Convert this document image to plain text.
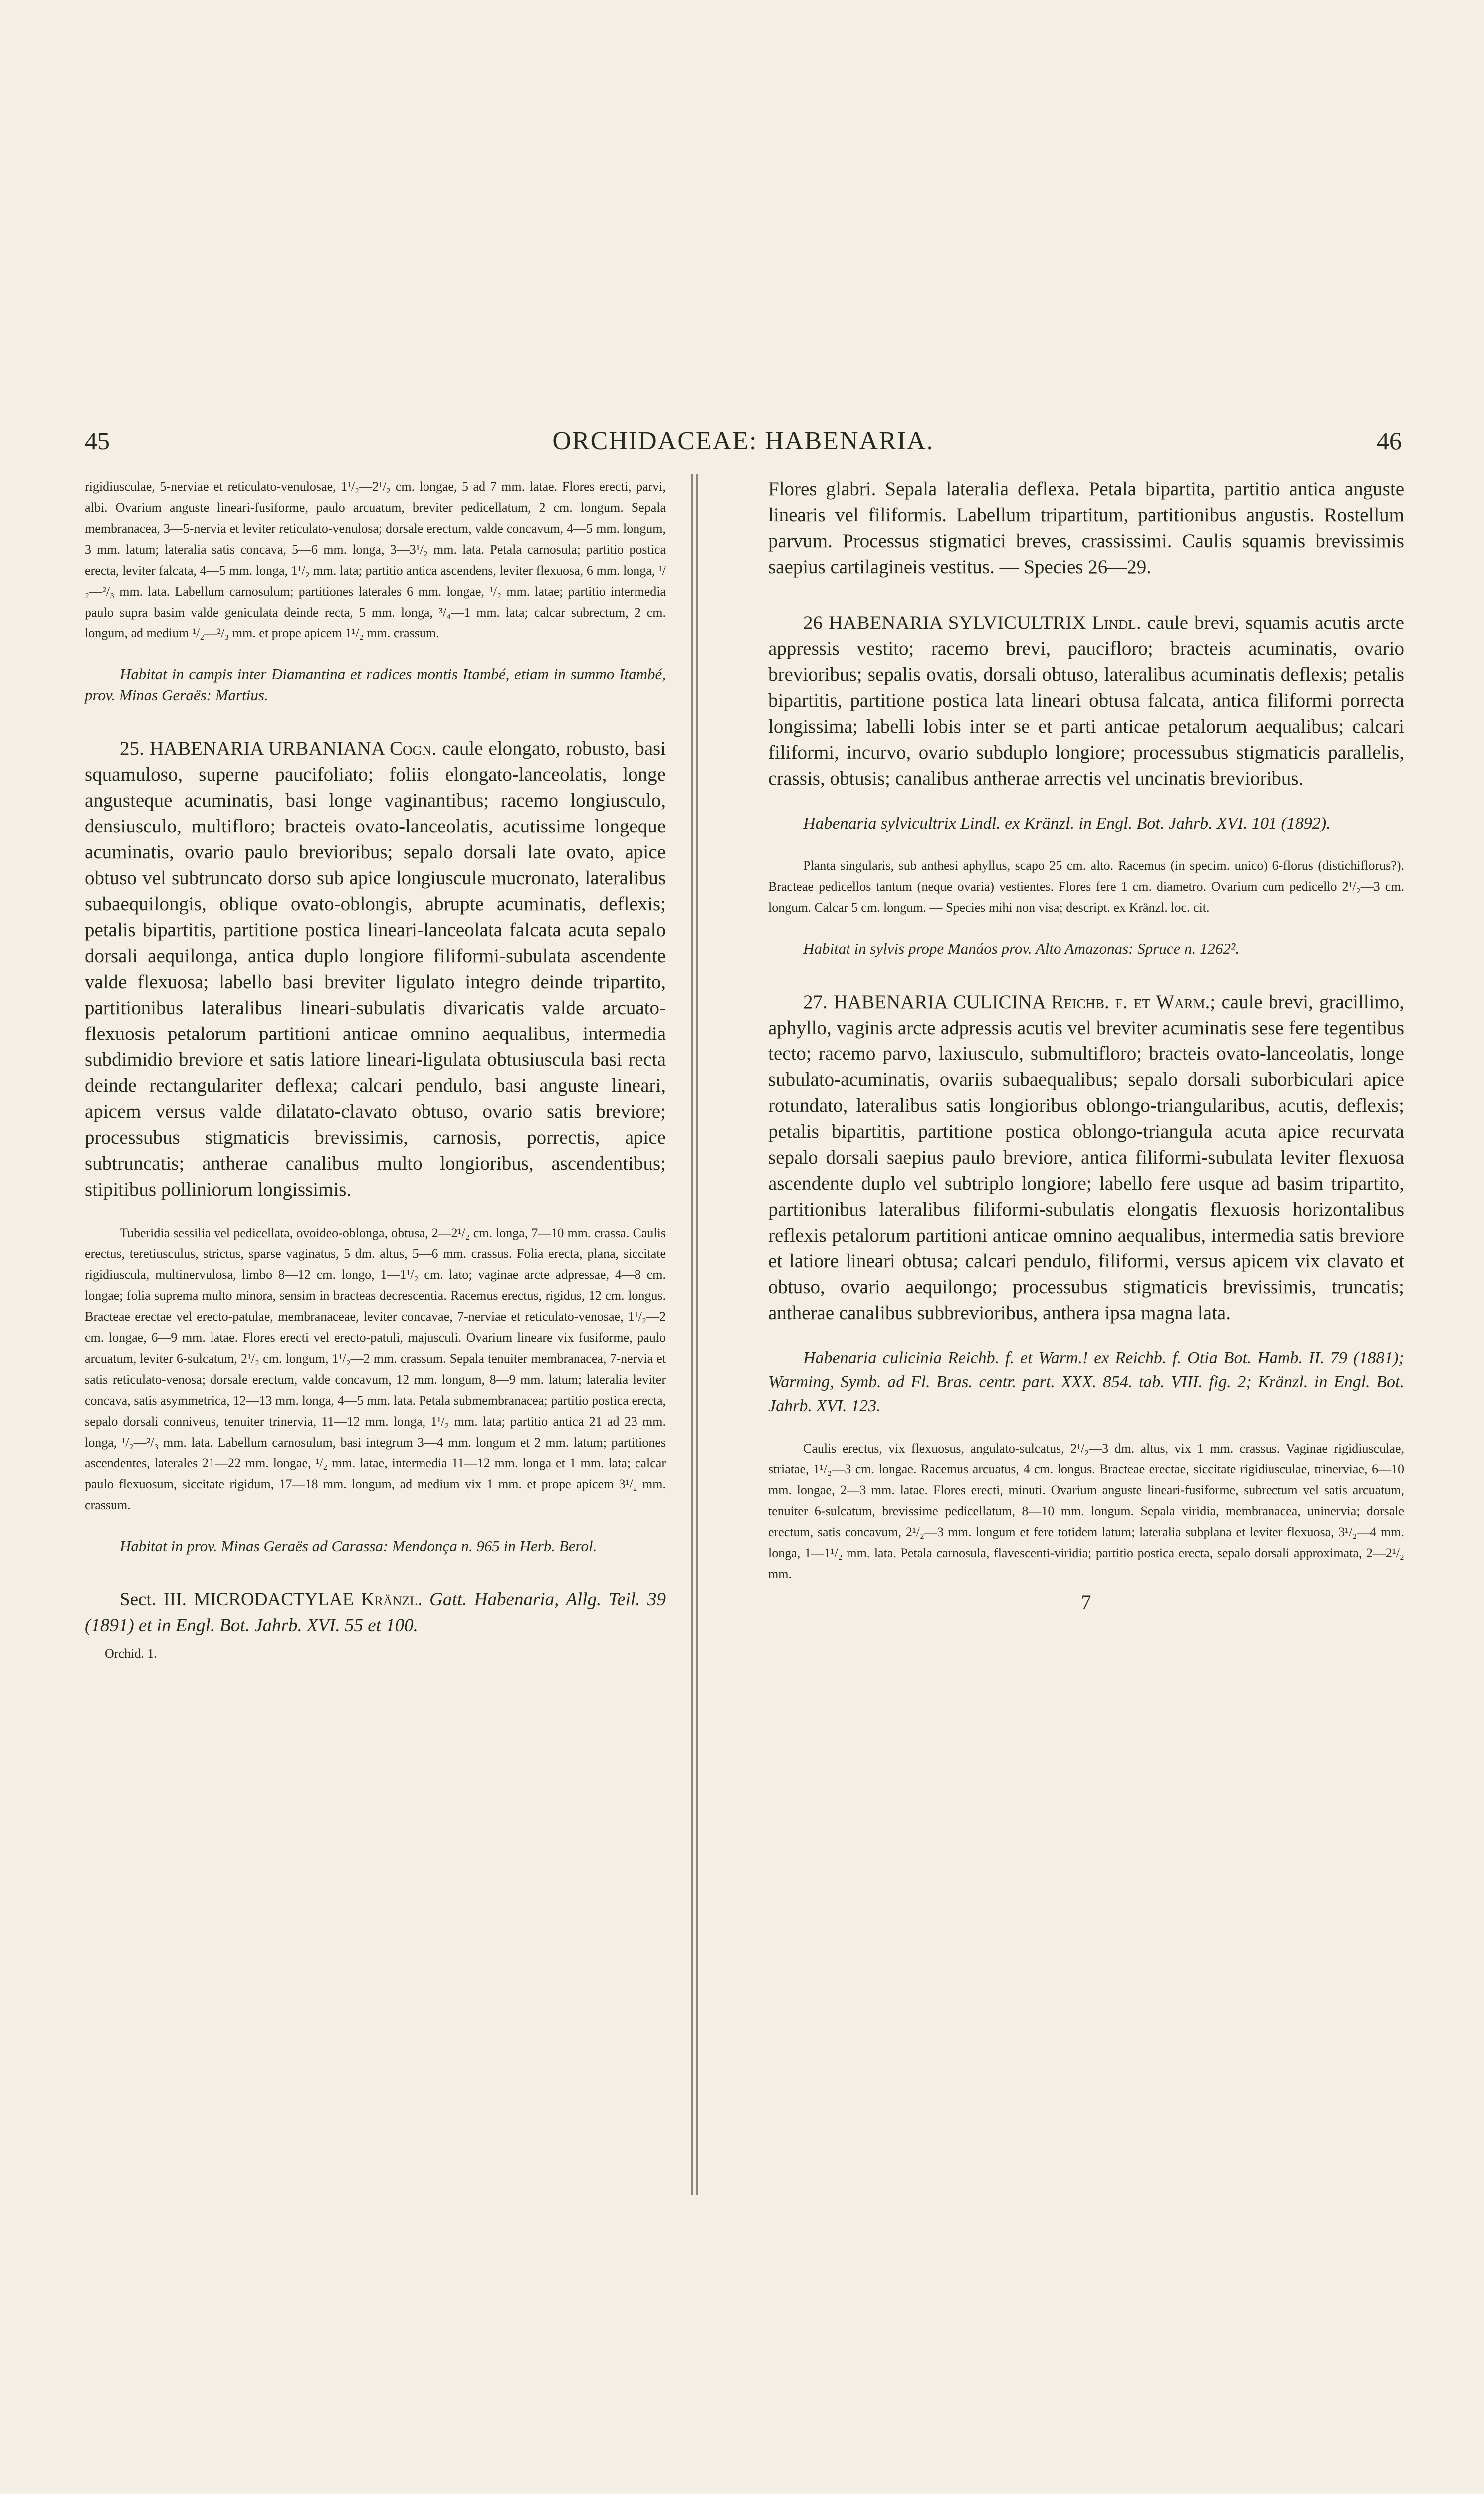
45	ORCHIDACEAE: HABENARIA.	46

rigidiusculae, 5-nerviae et reticulato-venulosae, 1¹/₂—2¹/₂ cm. longae, 5 ad 7 mm. latae. Flores erecti, parvi, albi. Ovarium anguste lineari-fusiforme, paulo arcuatum, breviter pedicellatum, 2 cm. longum. Sepala membranacea, 3—5-nervia et leviter reticulato-venulosa; dorsale erectum, valde concavum, 4—5 mm. longum, 3 mm. latum; lateralia satis concava, 5—6 mm. longa, 3—3¹/₂ mm. lata. Petala carnosula; partitio postica erecta, leviter falcata, 4—5 mm. longa, 1¹/₂ mm. lata; partitio antica ascendens, leviter flexuosa, 6 mm. longa, ¹/₂—²/₃ mm. lata. Labellum carnosulum; partitiones laterales 6 mm. longae, ¹/₂ mm. latae; partitio intermedia paulo supra basim valde geniculata deinde recta, 5 mm. longa, ³/₄—1 mm. lata; calcar subrectum, 2 cm. longum, ad medium ¹/₂—²/₃ mm. et prope apicem 1¹/₂ mm. crassum.

Habitat in campis inter Diamantina et radices montis Itambé, etiam in summo Itambé, prov. Minas Geraës: Martius.

25. HABENARIA URBANIANA Cogn. caule elongato, robusto, basi squamuloso, superne paucifoliato; foliis elongato-lanceolatis, longe angusteque acuminatis, basi longe vaginantibus; racemo longiusculo, densiusculo, multifloro; bracteis ovato-lanceolatis, acutissime longeque acuminatis, ovario paulo brevioribus; sepalo dorsali late ovato, apice obtuso vel subtruncato dorso sub apice longiuscule mucronato, lateralibus subaequilongis, oblique ovato-oblongis, abrupte acuminatis, deflexis; petalis bipartitis, partitione postica lineari-lanceolata falcata acuta sepalo dorsali aequilonga, antica duplo longiore filiformi-subulata ascendente valde flexuosa; labello basi breviter ligulato integro deinde tripartito, partitionibus lateralibus lineari-subulatis divaricatis valde arcuato-flexuosis petalorum partitioni anticae omnino aequalibus, intermedia subdimidio breviore et satis latiore lineari-ligulata obtusiuscula basi recta deinde rectangulariter deflexa; calcari pendulo, basi anguste lineari, apicem versus valde dilatato-clavato obtuso, ovario satis breviore; processubus stigmaticis brevissimis, carnosis, porrectis, apice subtruncatis; antherae canalibus multo longioribus, ascendentibus; stipitibus polliniorum longissimis.

Tuberidia sessilia vel pedicellata, ovoideo-oblonga, obtusa, 2—2¹/₂ cm. longa, 7—10 mm. crassa. Caulis erectus, teretiusculus, strictus, sparse vaginatus, 5 dm. altus, 5—6 mm. crassus. Folia erecta, plana, siccitate rigidiuscula, multinervulosa, limbo 8—12 cm. longo, 1—1¹/₂ cm. lato; vaginae arcte adpressae, 4—8 cm. longae; folia suprema multo minora, sensim in bracteas decrescentia. Racemus erectus, rigidus, 12 cm. longus. Bracteae erectae vel erecto-patulae, membranaceae, leviter concavae, 7-nerviae et reticulato-venosae, 1¹/₂—2 cm. longae, 6—9 mm. latae. Flores erecti vel erecto-patuli, majusculi. Ovarium lineare vix fusiforme, paulo arcuatum, leviter 6-sulcatum, 2¹/₂ cm. longum, 1¹/₂—2 mm. crassum. Sepala tenuiter membranacea, 7-nervia et satis reticulato-venosa; dorsale erectum, valde concavum, 12 mm. longum, 8—9 mm. latum; lateralia leviter concava, satis asymmetrica, 12—13 mm. longa, 4—5 mm. lata. Petala submembranacea; partitio postica erecta, sepalo dorsali conniveus, tenuiter trinervia, 11—12 mm. longa, 1¹/₂ mm. lata; partitio antica 21 ad 23 mm. longa, ¹/₂—²/₃ mm. lata. Labellum carnosulum, basi integrum 3—4 mm. longum et 2 mm. latum; partitiones ascendentes, laterales 21—22 mm. longae, ¹/₂ mm. latae, intermedia 11—12 mm. longa et 1 mm. lata; calcar paulo flexuosum, siccitate rigidum, 17—18 mm. longum, ad medium vix 1 mm. et prope apicem 3¹/₂ mm. crassum.

Habitat in prov. Minas Geraës ad Carassa: Mendonça n. 965 in Herb. Berol.

Sect. III. MICRODACTYLAE Kränzl. Gatt. Habenaria, Allg. Teil. 39 (1891) et in Engl. Bot. Jahrb. XVI. 55 et 100.

Orchid. 1.

Flores glabri. Sepala lateralia deflexa. Petala bipartita, partitio antica anguste linearis vel filiformis. Labellum tripartitum, partitionibus angustis. Rostellum parvum. Processus stigmatici breves, crassissimi. Caulis squamis brevissimis saepius cartilagineis vestitus. — Species 26—29.

26 HABENARIA SYLVICULTRIX Lindl. caule brevi, squamis acutis arcte appressis vestito; racemo brevi, paucifloro; bracteis acuminatis, ovario brevioribus; sepalis ovatis, dorsali obtuso, lateralibus acuminatis deflexis; petalis bipartitis, partitione postica lata lineari obtusa falcata, antica filiformi porrecta longissima; labelli lobis inter se et parti anticae petalorum aequalibus; calcari filiformi, incurvo, ovario subduplo longiore; processubus stigmaticis parallelis, crassis, obtusis; canalibus antherae arrectis vel uncinatis brevioribus.

Habenaria sylvicultrix Lindl. ex Kränzl. in Engl. Bot. Jahrb. XVI. 101 (1892).

Planta singularis, sub anthesi aphyllus, scapo 25 cm. alto. Racemus (in specim. unico) 6-florus (distichiflorus?). Bracteae pedicellos tantum (neque ovaria) vestientes. Flores fere 1 cm. diametro. Ovarium cum pedicello 2¹/₂—3 cm. longum. Calcar 5 cm. longum. — Species mihi non visa; descript. ex Kränzl. loc. cit.

Habitat in sylvis prope Manáos prov. Alto Amazonas: Spruce n. 1262².

27. HABENARIA CULICINA Reichb. f. et Warm.; caule brevi, gracillimo, aphyllo, vaginis arcte adpressis acutis vel breviter acuminatis sese fere tegentibus tecto; racemo parvo, laxiusculo, submultifloro; bracteis ovato-lanceolatis, longe subulato-acuminatis, ovariis subaequalibus; sepalo dorsali suborbiculari apice rotundato, lateralibus satis longioribus oblongo-triangularibus, acutis, deflexis; petalis bipartitis, partitione postica oblongo-triangula acuta apice recurvata sepalo dorsali saepius paulo breviore, antica filiformi-subulata leviter flexuosa ascendente duplo vel subtriplo longiore; labello fere usque ad basim tripartito, partitionibus lateralibus filiformi-subulatis elongatis flexuosis horizontalibus reflexis petalorum partitioni anticae omnino aequalibus, intermedia satis breviore et latiore lineari obtusa; calcari pendulo, filiformi, versus apicem vix clavato et obtuso, ovario aequilongo; processubus stigmaticis brevissimis, truncatis; antherae canalibus subbrevioribus, anthera ipsa magna lata.

Habenaria culicinia Reichb. f. et Warm.! ex Reichb. f. Otia Bot. Hamb. II. 79 (1881); Warming, Symb. ad Fl. Bras. centr. part. XXX. 854. tab. VIII. fig. 2; Kränzl. in Engl. Bot. Jahrb. XVI. 123.

Caulis erectus, vix flexuosus, angulato-sulcatus, 2¹/₂—3 dm. altus, vix 1 mm. crassus. Vaginae rigidiusculae, striatae, 1¹/₂—3 cm. longae. Racemus arcuatus, 4 cm. longus. Bracteae erectae, siccitate rigidiusculae, trinerviae, 6—10 mm. longae, 2—3 mm. latae. Flores erecti, minuti. Ovarium anguste lineari-fusiforme, subrectum vel satis arcuatum, tenuiter 6-sulcatum, brevissime pedicellatum, 8—10 mm. longum. Sepala viridia, membranacea, uninervia; dorsale erectum, satis concavum, 2¹/₂—3 mm. longum et fere totidem latum; lateralia subplana et leviter flexuosa, 3¹/₂—4 mm. longa, 1—1¹/₂ mm. lata. Petala carnosula, flavescenti-viridia; partitio postica erecta, sepalo dorsali approximata, 2—2¹/₂ mm.

7
